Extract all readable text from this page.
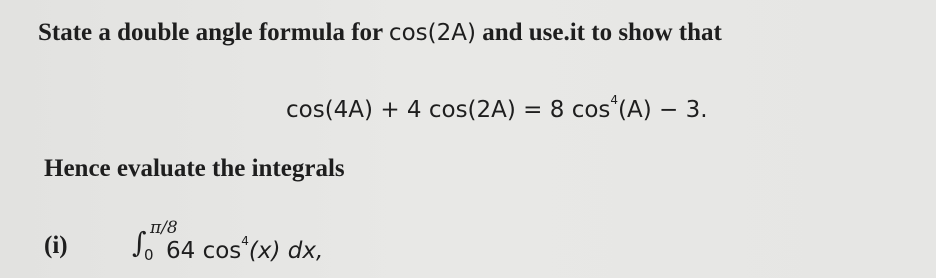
State a double angle formula for cos(2A) and use.it to show that
cos(4A) + 4 cos(2A) = 8 $\cos^4(A) - 3$.
Hence evaluate the integrals
(i) ∫ π/8
0 64 $\cos^4(x)$ dx,
